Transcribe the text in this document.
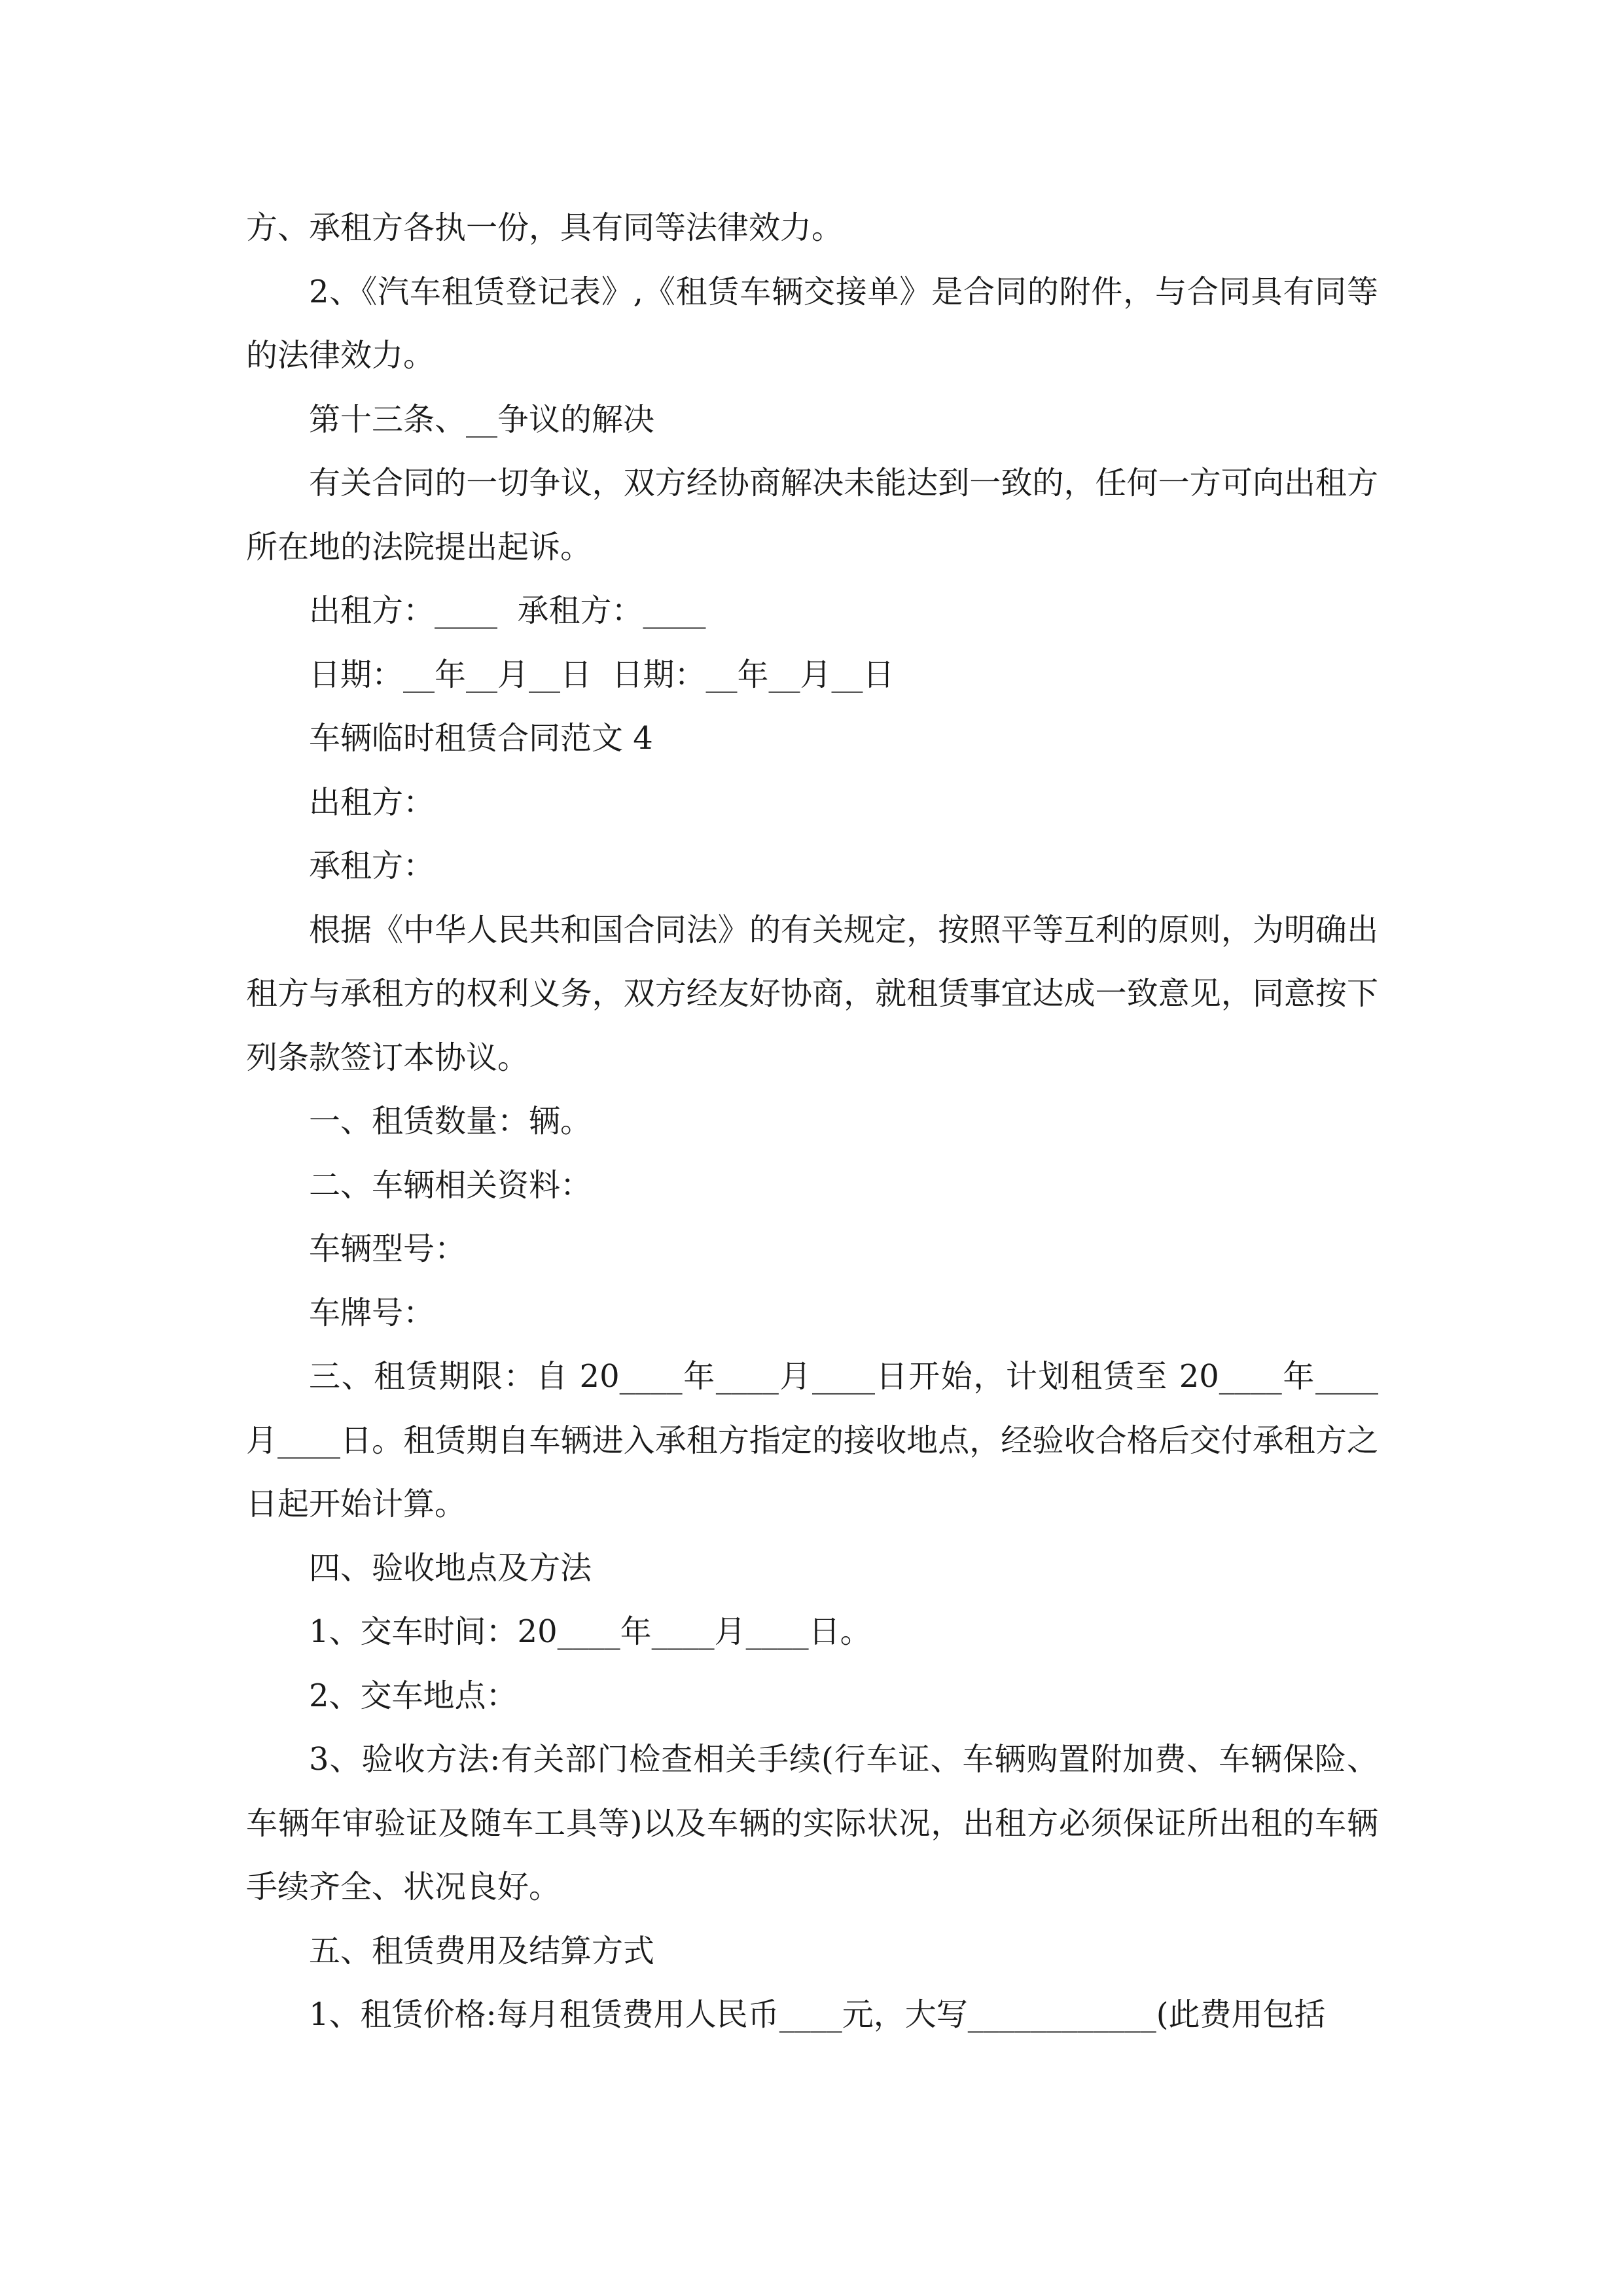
方、承租方各执一份，具有同等法律效力。

2、《汽车租赁登记表》,《租赁车辆交接单》是合同的附件，与合同具有同等的法律效力。

第十三条、__争议的解决

有关合同的一切争议，双方经协商解决未能达到一致的，任何一方可向出租方所在地的法院提出起诉。

出租方：____  承租方：____

日期：__年__月__日  日期：__年__月__日

车辆临时租赁合同范文 4

出租方：

承租方：

根据《中华人民共和国合同法》的有关规定，按照平等互利的原则，为明确出租方与承租方的权利义务，双方经友好协商，就租赁事宜达成一致意见，同意按下列条款签订本协议。

一、租赁数量：辆。

二、车辆相关资料：

车辆型号：

车牌号：

三、租赁期限：自 20____年____月____日开始，计划租赁至 20____年____月____日。租赁期自车辆进入承租方指定的接收地点，经验收合格后交付承租方之日起开始计算。

四、验收地点及方法

1、交车时间：20____年____月____日。

2、交车地点：

3、验收方法:有关部门检查相关手续(行车证、车辆购置附加费、车辆保险、车辆年审验证及随车工具等)以及车辆的实际状况，出租方必须保证所出租的车辆手续齐全、状况良好。

五、租赁费用及结算方式

1、租赁价格:每月租赁费用人民币____元，大写____________(此费用包括
